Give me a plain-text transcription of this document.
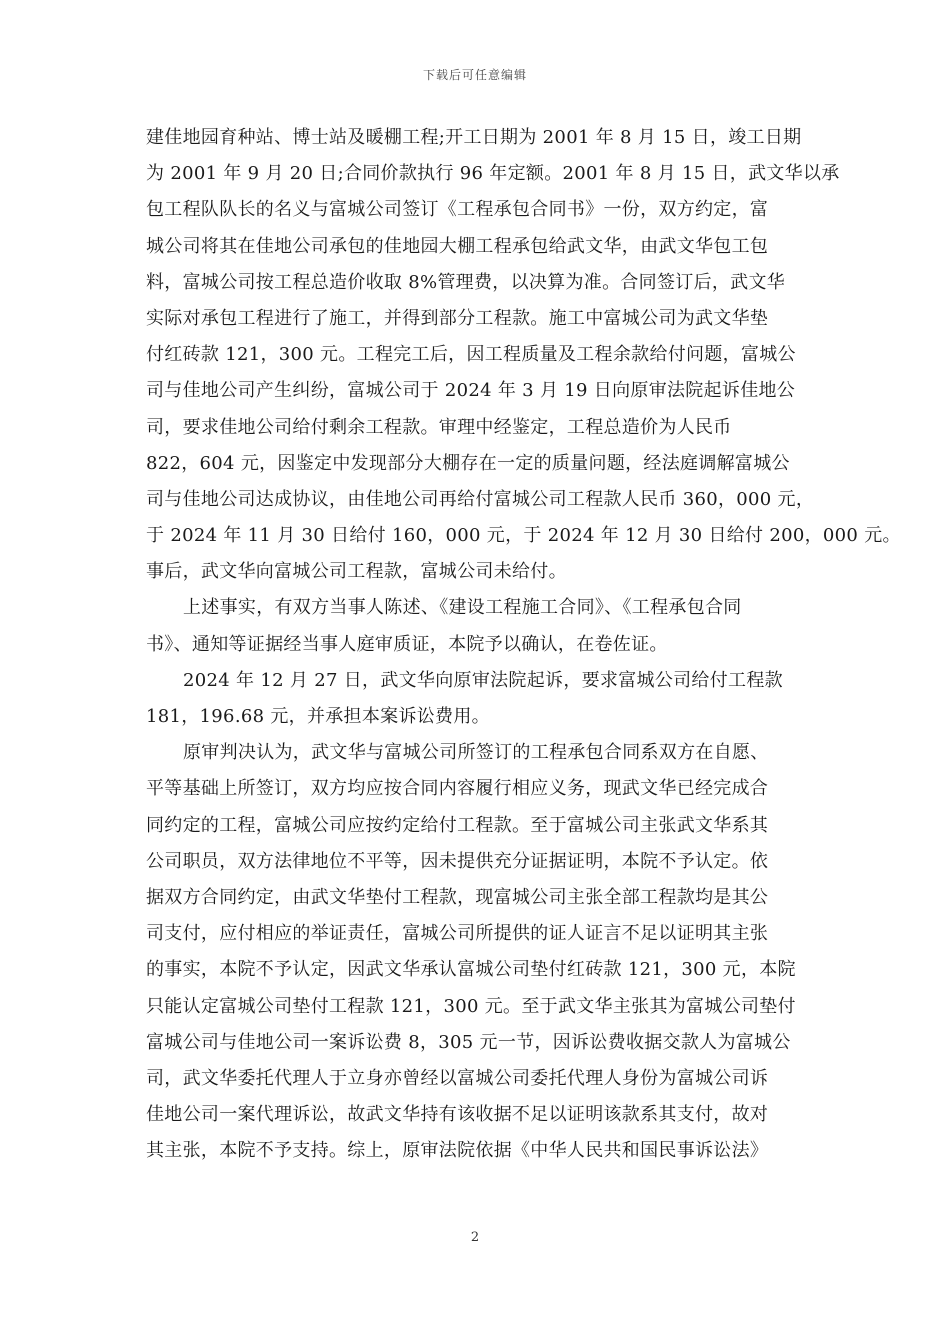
下载后可任意编辑
建佳地园育种站、博士站及暖棚工程;开工日期为 2001 年 8 月 15 日，竣工日期
为 2001 年 9 月 20 日;合同价款执行 96 年定额。2001 年 8 月 15 日，武文华以承
包工程队队长的名义与富城公司签订《工程承包合同书》一份，双方约定，富
城公司将其在佳地公司承包的佳地园大棚工程承包给武文华，由武文华包工包
料，富城公司按工程总造价收取 8%管理费，以决算为准。合同签订后，武文华
实际对承包工程进行了施工，并得到部分工程款。施工中富城公司为武文华垫
付红砖款 121，300 元。工程完工后，因工程质量及工程余款给付问题，富城公
司与佳地公司产生纠纷，富城公司于 2024 年 3 月 19 日向原审法院起诉佳地公
司，要求佳地公司给付剩余工程款。审理中经鉴定，工程总造价为人民币
822，604 元，因鉴定中发现部分大棚存在一定的质量问题，经法庭调解富城公
司与佳地公司达成协议，由佳地公司再给付富城公司工程款人民币 360，000 元，
于 2024 年 11 月 30 日给付 160，000 元，于 2024 年 12 月 30 日给付 200，000 元。
事后，武文华向富城公司工程款，富城公司未给付。
上述事实，有双方当事人陈述、《建设工程施工合同》、《工程承包合同
书》、通知等证据经当事人庭审质证，本院予以确认，在卷佐证。
2024 年 12 月 27 日，武文华向原审法院起诉，要求富城公司给付工程款
181，196.68 元，并承担本案诉讼费用。
原审判决认为，武文华与富城公司所签订的工程承包合同系双方在自愿、
平等基础上所签订，双方均应按合同内容履行相应义务，现武文华已经完成合
同约定的工程，富城公司应按约定给付工程款。至于富城公司主张武文华系其
公司职员，双方法律地位不平等，因未提供充分证据证明，本院不予认定。依
据双方合同约定，由武文华垫付工程款，现富城公司主张全部工程款均是其公
司支付，应付相应的举证责任，富城公司所提供的证人证言不足以证明其主张
的事实，本院不予认定，因武文华承认富城公司垫付红砖款 121，300 元，本院
只能认定富城公司垫付工程款 121，300 元。至于武文华主张其为富城公司垫付
富城公司与佳地公司一案诉讼费 8，305 元一节，因诉讼费收据交款人为富城公
司，武文华委托代理人于立身亦曾经以富城公司委托代理人身份为富城公司诉
佳地公司一案代理诉讼，故武文华持有该收据不足以证明该款系其支付，故对
其主张，本院不予支持。综上，原审法院依据《中华人民共和国民事诉讼法》
2
